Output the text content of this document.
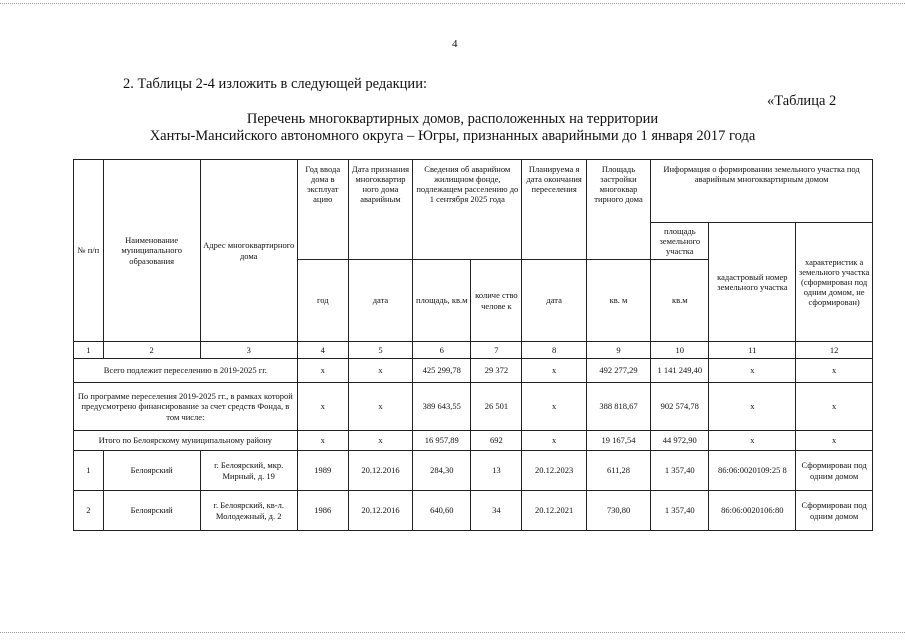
4
2. Таблицы 2-4 изложить в следующей редакции:
«Таблица 2
Перечень многоквартирных домов, расположенных на территории
Ханты-Мансийского автономного округа – Югры, признанных аварийными до 1 января 2017 года
№ п/п	Наименование муниципального образования	Адрес многоквартирного дома	Год ввода дома в эксплуат ацию	Дата признания многоквартир ного дома аварийным	Сведения об аварийном жилищном фонде, подлежащем расселению до 1 сентября 2025 года		Планируема я дата окончания переселения	Площадь застройки многоквар тирного дома	Информация о формировании земельного участка под аварийным многоквартирным домом		
									площадь земельного участка	кадастровый номер земельного участка	характеристик а земельного участка (сформирован под одним домом, не сформирован)
			год	дата	площадь, кв.м	количе ство челове к	дата	кв. м	кв.м		
1	2	3	4	5	6	7	8	9	10	11	12
Всего подлежит переселению в 2019-2025 гг.			х	х	425 299,78	29 372	х	492 277,29	1 141 249,40	х	х
По программе переселения 2019-2025 гг., в рамках которой предусмотрено финансирование за счет средств Фонда, в том числе:			х	х	389 643,55	26 501	х	388 818,67	902 574,78	х	х
Итого по Белоярскому муниципальному району			х	х	16 957,89	692	х	19 167,54	44 972,90	х	х
1	Белоярский	г. Белоярский, мкр. Мирный, д. 19	1989	20.12.2016	284,30	13	20.12.2023	611,28	1 357,40	86:06:0020109:25 8	Сформирован под одним домом
2	Белоярский	г. Белоярский, кв-л. Молодежный, д. 2	1986	20.12.2016	640,60	34	20.12.2021	730,80	1 357,40	86:06:0020106:80	Сформирован под одним домом
